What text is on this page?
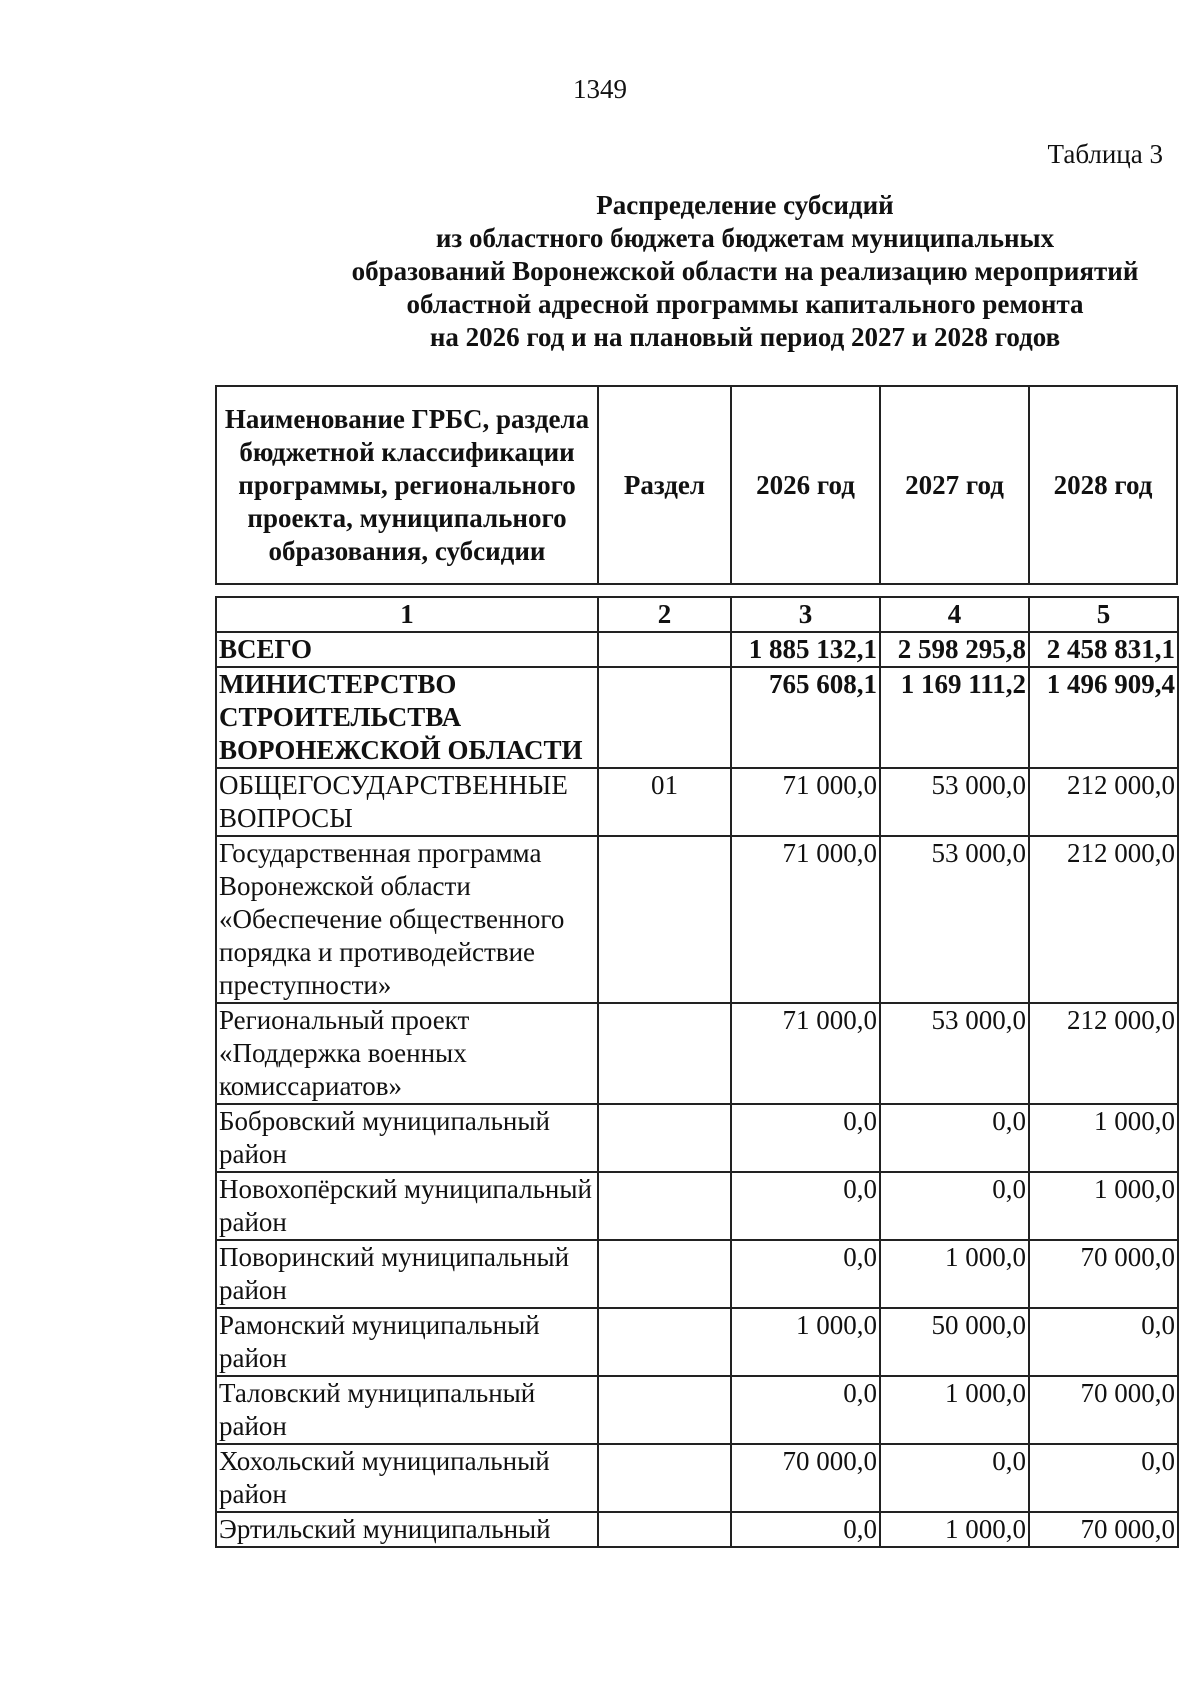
1349
Таблица 3
Распределение субсидий
из областного бюджета бюджетам муниципальных
образований Воронежской области на реализацию мероприятий
областной адресной программы капитального ремонта
на 2026 год и на плановый период 2027 и 2028 годов
Наименование ГРБС, раздела бюджетной классификации программы, регионального проекта, муниципального образования, субсидии	Раздел	2026 год	2027 год	2028 год
1	2	3	4	5
ВСЕГО		1 885 132,1	2 598 295,8	2 458 831,1
МИНИСТЕРСТВО СТРОИТЕЛЬСТВА ВОРОНЕЖСКОЙ ОБЛАСТИ		765 608,1	1 169 111,2	1 496 909,4
ОБЩЕГОСУДАРСТВЕННЫЕ ВОПРОСЫ	01	71 000,0	53 000,0	212 000,0
Государственная программа Воронежской области «Обеспечение общественного порядка и противодействие преступности»		71 000,0	53 000,0	212 000,0
Региональный проект «Поддержка военных комиссариатов»		71 000,0	53 000,0	212 000,0
Бобровский муниципальный район		0,0	0,0	1 000,0
Новохопёрский муниципальный район		0,0	0,0	1 000,0
Поворинский муниципальный район		0,0	1 000,0	70 000,0
Рамонский муниципальный район		1 000,0	50 000,0	0,0
Таловский муниципальный район		0,0	1 000,0	70 000,0
Хохольский муниципальный район		70 000,0	0,0	0,0
Эртильский муниципальный		0,0	1 000,0	70 000,0
